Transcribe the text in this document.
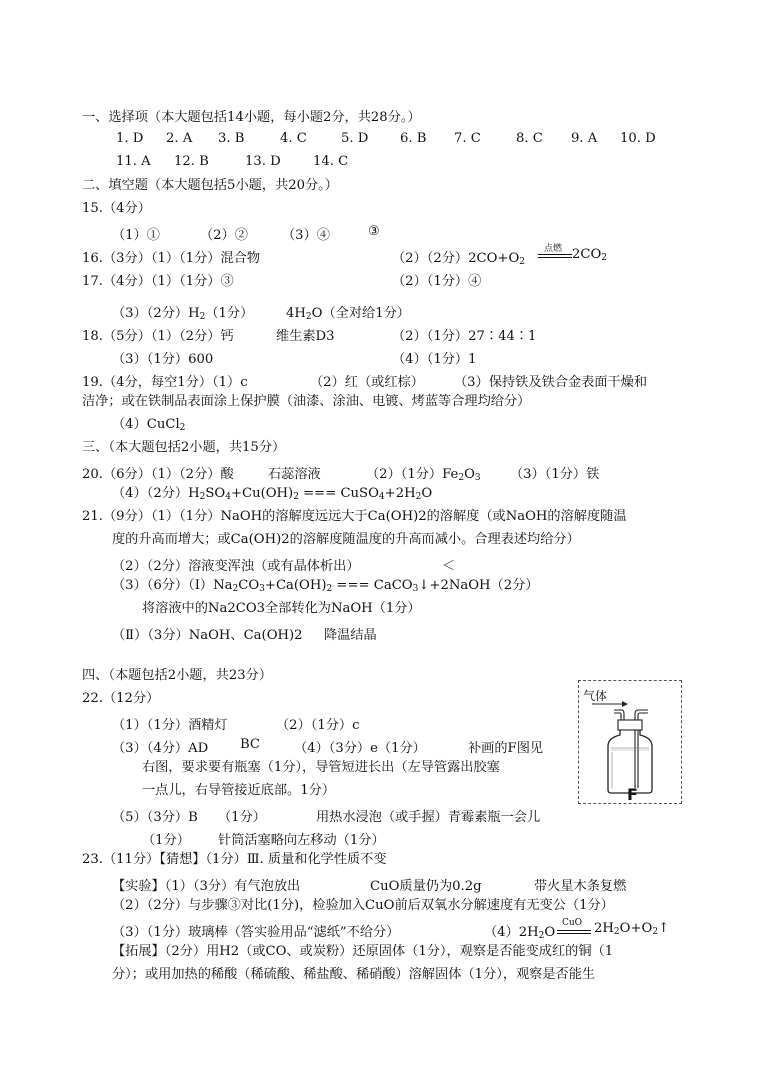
一、选择项（本大题包括14小题，每小题2分，共28分。）
1. D 2. A 3. B	4. C	5. D 6. B 7. C	8. C 9. A 10. D
11. A 12. B	13. D 14. C
二、填空题（本大题包括5小题，共20分。）
15.（4分）
（1）①	（2）②	（3）④	③
16.（3分）（1）（1分）混合物	（2）（2分）$2CO+O_2$
点燃 $2CO_2$
17.（4分）（1）（1分）③	（2）（1分）④
（3）（2分）$H_2(1$分） $4H_2O$（全对给1分）
18.（5分）（1）（2分）钙	维生素D3	（2）（1分）27∶44∶1
（3）（1分）600	（4）（1分）1
19.（4分，每空1分）（1）c	（2）红（或红棕） （3）保持铁及铁合金表面干燥和
洁净；或在铁制品表面涂上保护膜（油漆、涂油、电镀、烤蓝等合理均给分）
（4）CuCl$_2$
三、（本大题包括2小题，共15分）
20.（6分）（1）（2分）酸	石蕊溶液	（2）（1分）$Fe_2O_3$ （3）（1分）铁
（4）（2分）$H_2SO_4+Cu(OH)_2$ === $CuSO_4+2H_2O$
21.（9分）（1）（1分）NaOH的溶解度远远大于Ca(OH)2的溶解度（或NaOH的溶解度随温
度的升高而增大；或Ca(OH)2的溶解度随温度的升高而减小。合理表述均给分）
（2）（2分）溶液变浑浊（或有晶体析出）	＜
（3）（6分）$(Ⅰ)Na_2CO_3+Ca(OH)_2$ === CaCO$_3$↓+2NaOH（2分）
将溶液中的Na2CO3全部转化为NaOH（1分）
（Ⅱ）（3分）NaOH、Ca(OH)2 降温结晶
四、（本题包括2小题，共23分）
22.（12分）
（1）（1分）酒精灯	（2）（1分）c
（3）（4分）AD BC	（4）（3分）e（1分）	补画的F图见
右图，要求要有瓶塞（1分），导管短进长出（左导管露出胶塞
一点儿，右导管接近底部。1分）
（5）（3分）B （1分）	用热水浸泡（或手握）青霉素瓶一会儿
（1分） 针筒活塞略向左移动（1分）
气体
F
23.（11分）【猜想】（1分）Ⅲ. 质量和化学性质不变
【实验】（1）（3分）有气泡放出	CuO质量仍为0.2g	带火星木条复燃
（2）（2分）与步骤③对比(1分)，检验加入CuO前后双氧水分解速度有无变公（1分）
（3）（1分）玻璃棒（答实验用品“滤纸”不给分）	$(4)2H_2O$
CuO $2H_2O+O_2↑$
【拓展】（2分）用H2（或CO、或炭粉）还原固体（1分），观察是否能变成红的铜（1
分）；或用加热的稀酸（稀硫酸、稀盐酸、稀硝酸）溶解固体（1分），观察是否能生
